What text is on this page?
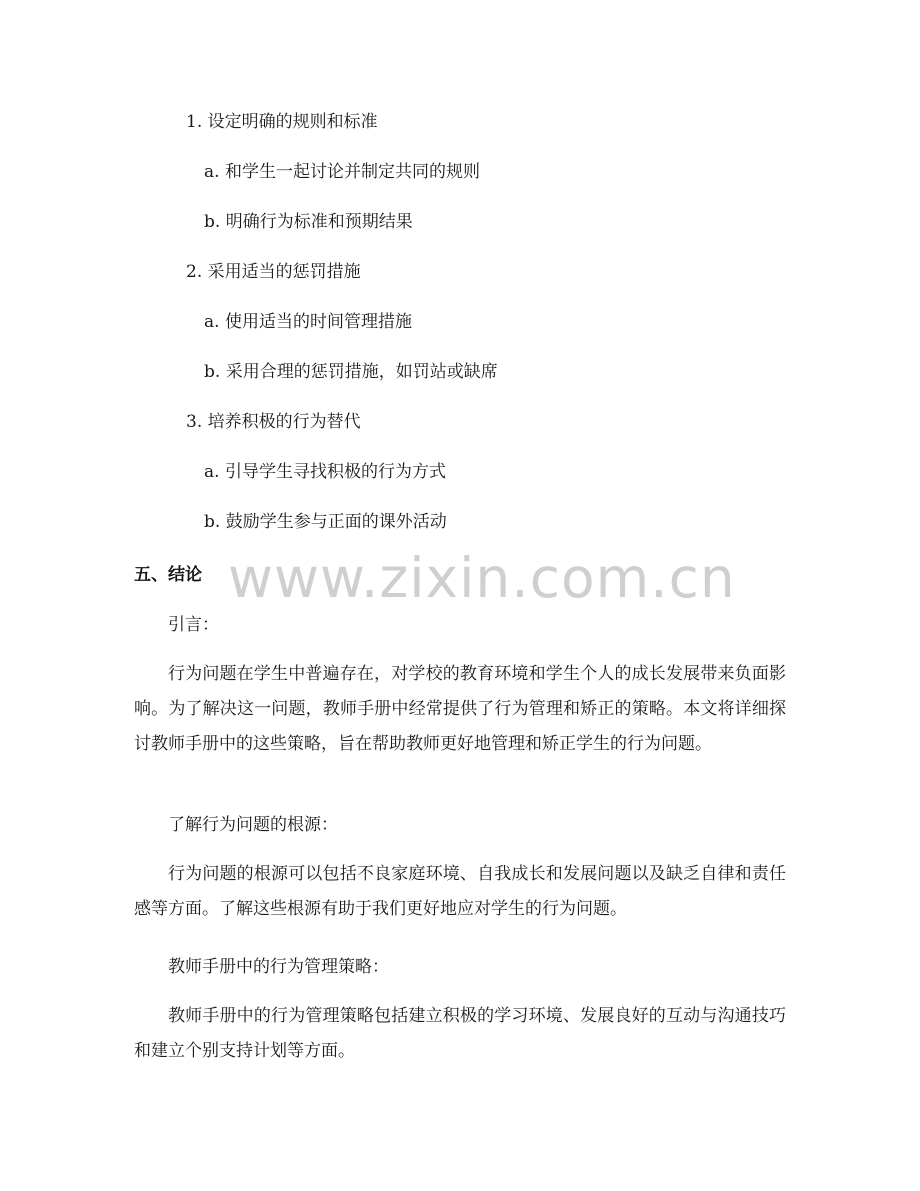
1. 设定明确的规则和标准
a. 和学生一起讨论并制定共同的规则
b. 明确行为标准和预期结果
2. 采用适当的惩罚措施
a. 使用适当的时间管理措施
b. 采用合理的惩罚措施，如罚站或缺席
3. 培养积极的行为替代
a. 引导学生寻找积极的行为方式
b. 鼓励学生参与正面的课外活动
www.zixin.com.cn
五、结论
引言：
行为问题在学生中普遍存在，对学校的教育环境和学生个人的成长发展带来负面影响。为了解决这一问题，教师手册中经常提供了行为管理和矫正的策略。本文将详细探讨教师手册中的这些策略，旨在帮助教师更好地管理和矫正学生的行为问题。
了解行为问题的根源：
行为问题的根源可以包括不良家庭环境、自我成长和发展问题以及缺乏自律和责任感等方面。了解这些根源有助于我们更好地应对学生的行为问题。
教师手册中的行为管理策略：
教师手册中的行为管理策略包括建立积极的学习环境、发展良好的互动与沟通技巧和建立个别支持计划等方面。
